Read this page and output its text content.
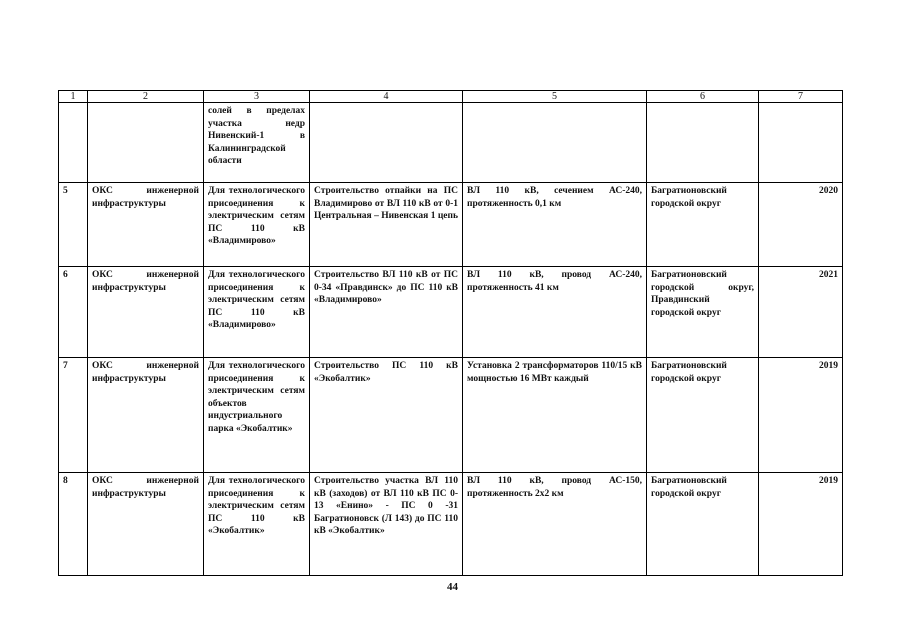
1	2	3	4	5	6	7
		солей в пределах участка недр Нивенский-1 в Калининградской области				
5	ОКС инженерной инфраструктуры	Для технологического присоединения к электрическим сетям ПС 110 кВ «Владимирово»	Строительство отпайки на ПС Владимирово от ВЛ 110 кВ от 0-1 Центральная – Нивенская 1 цепь	ВЛ 110 кВ, сечением АС-240, протяженность 0,1 км	Багратионовский городской округ	2020
6	ОКС инженерной инфраструктуры	Для технологического присоединения к электрическим сетям ПС 110 кВ «Владимирово»	Строительство ВЛ 110 кВ от ПС 0-34 «Правдинск» до ПС 110 кВ «Владимирово»	ВЛ 110 кВ, провод АС-240, протяженность 41 км	Багратионовский городской округ, Правдинский городской округ	2021
7	ОКС инженерной инфраструктуры	Для технологического присоединения к электрическим сетям объектов индустриального парка «Экобалтик»	Строительство ПС 110 кВ «Экобалтик»	Установка 2 трансформаторов 110/15 кВ мощностью 16 МВт каждый	Багратионовский городской округ	2019
8	ОКС инженерной инфраструктуры	Для технологического присоединения к электрическим сетям ПС 110 кВ «Экобалтик»	Строительство участка ВЛ 110 кВ (заходов) от ВЛ 110 кВ ПС 0-13 «Енино» - ПС 0 -31 Багратионовск (Л 143) до ПС 110 кВ «Экобалтик»	ВЛ 110 кВ, провод АС-150, протяженность 2х2 км	Багратионовский городской округ	2019
44
